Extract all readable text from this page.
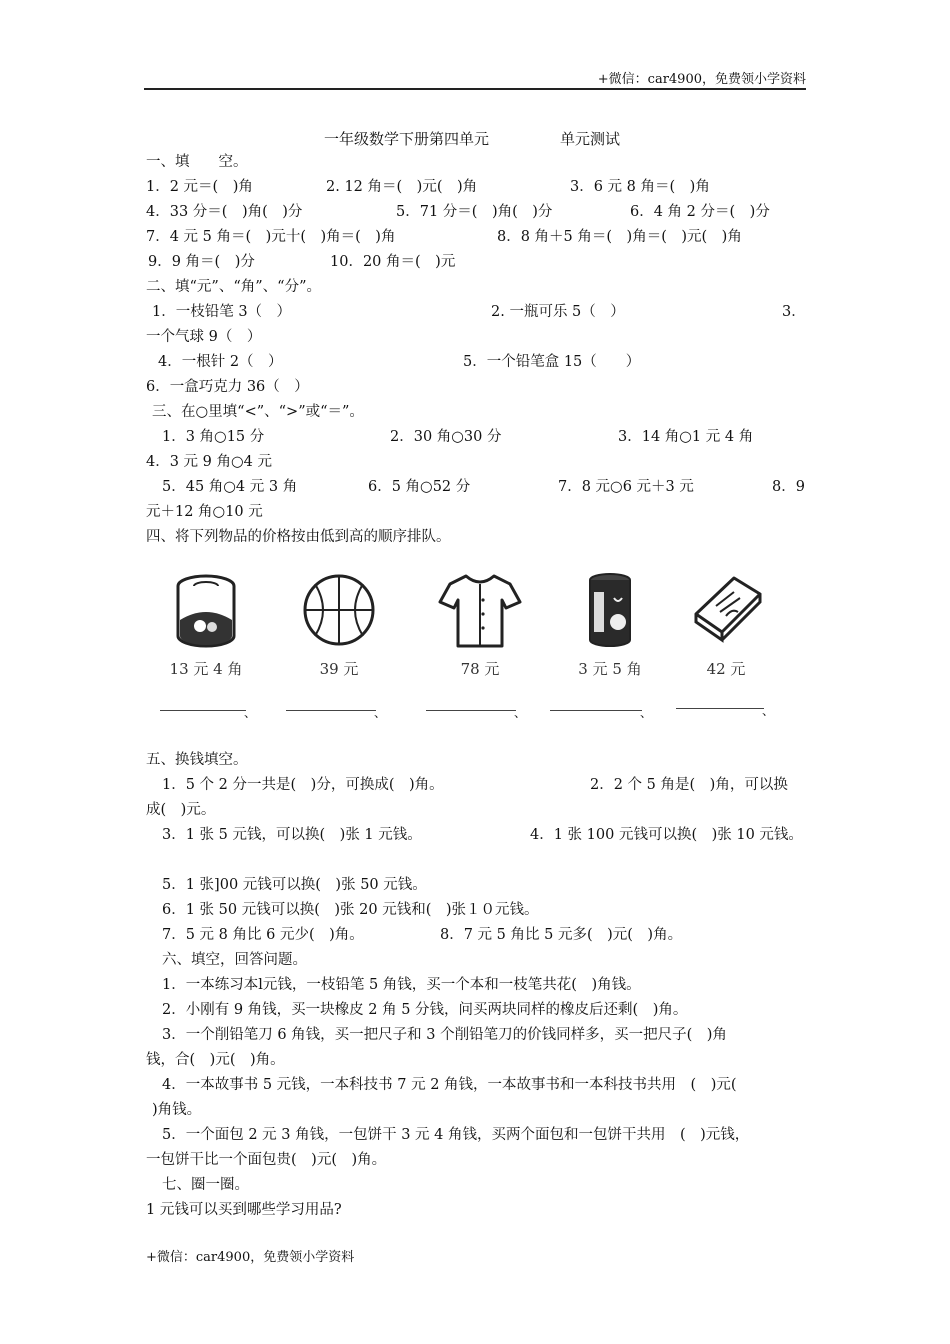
+微信：car4900，免费领小学资料
一年级数学下册第四单元	单元测试
一、填　　空。
1．2 元＝(　)角	2. 12 角＝(　)元(　)角	3．6 元 8 角＝(　)角
4．33 分＝(　)角(　)分	5．71 分＝(　)角(　)分	6．4 角 2 分＝(　)分
7．4 元 5 角＝(　)元十(　)角＝(　)角	8．8 角＋5 角＝(　)角＝(　)元(　)角
9．9 角＝(　)分	10．20 角＝(　)元
二、填“元”、“角”、“分”。
1．一枝铅笔 3（　）	2. 一瓶可乐 5（　）	3．
一个气球 9（　）
4．一根针 2（　）	5．一个铅笔盒 15（　　）
6．一盒巧克力 36（　）
三、在○里填“<”、“>”或“＝”。
1．3 角○15 分	2．30 角○30 分	3．14 角○1 元 4 角
4．3 元 9 角○4 元
5．45 角○4 元 3 角	6．5 角○52 分	7．8 元○6 元＋3 元	8．9
元＋12 角○10 元
四、将下列物品的价格按由低到高的顺序排队。
13 元 4 角	39 元	78 元	3 元 5 角	42 元
、	、	、	、	、
五、换钱填空。
1．5 个 2 分一共是(　)分，可换成(　)角。	2．2 个 5 角是(　)角，可以换
成(　)元。
3．1 张 5 元钱，可以换(　)张 1 元钱。	4．1 张 100 元钱可以换(　)张 10 元钱。
5．1 张]00 元钱可以换(　)张 50 元钱。
6．1 张 50 元钱可以换(　)张 20 元钱和(　)张１０元钱。
7．5 元 8 角比 6 元少(　)角。	8．7 元 5 角比 5 元多(　)元(　)角。
六、填空，回答问题。
1．一本练习本l元钱，一枝铅笔 5 角钱，买一个本和一枝笔共花(　)角钱。
2．小刚有 9 角钱，买一块橡皮 2 角 5 分钱，问买两块同样的橡皮后还剩(　)角。
3．一个削铅笔刀 6 角钱，买一把尺子和 3 个削铅笔刀的价钱同样多，买一把尺子(　)角
钱，合(　)元(　)角。
4．一本故事书 5 元钱，一本科技书 7 元 2 角钱，一本故事书和一本科技书共用　(　)元(
)角钱。
5．一个面包 2 元 3 角钱，一包饼干 3 元 4 角钱，买两个面包和一包饼干共用　(　)元钱，
一包饼干比一个面包贵(　)元(　)角。
七、圈一圈。
1 元钱可以买到哪些学习用品?
+微信：car4900，免费领小学资料
